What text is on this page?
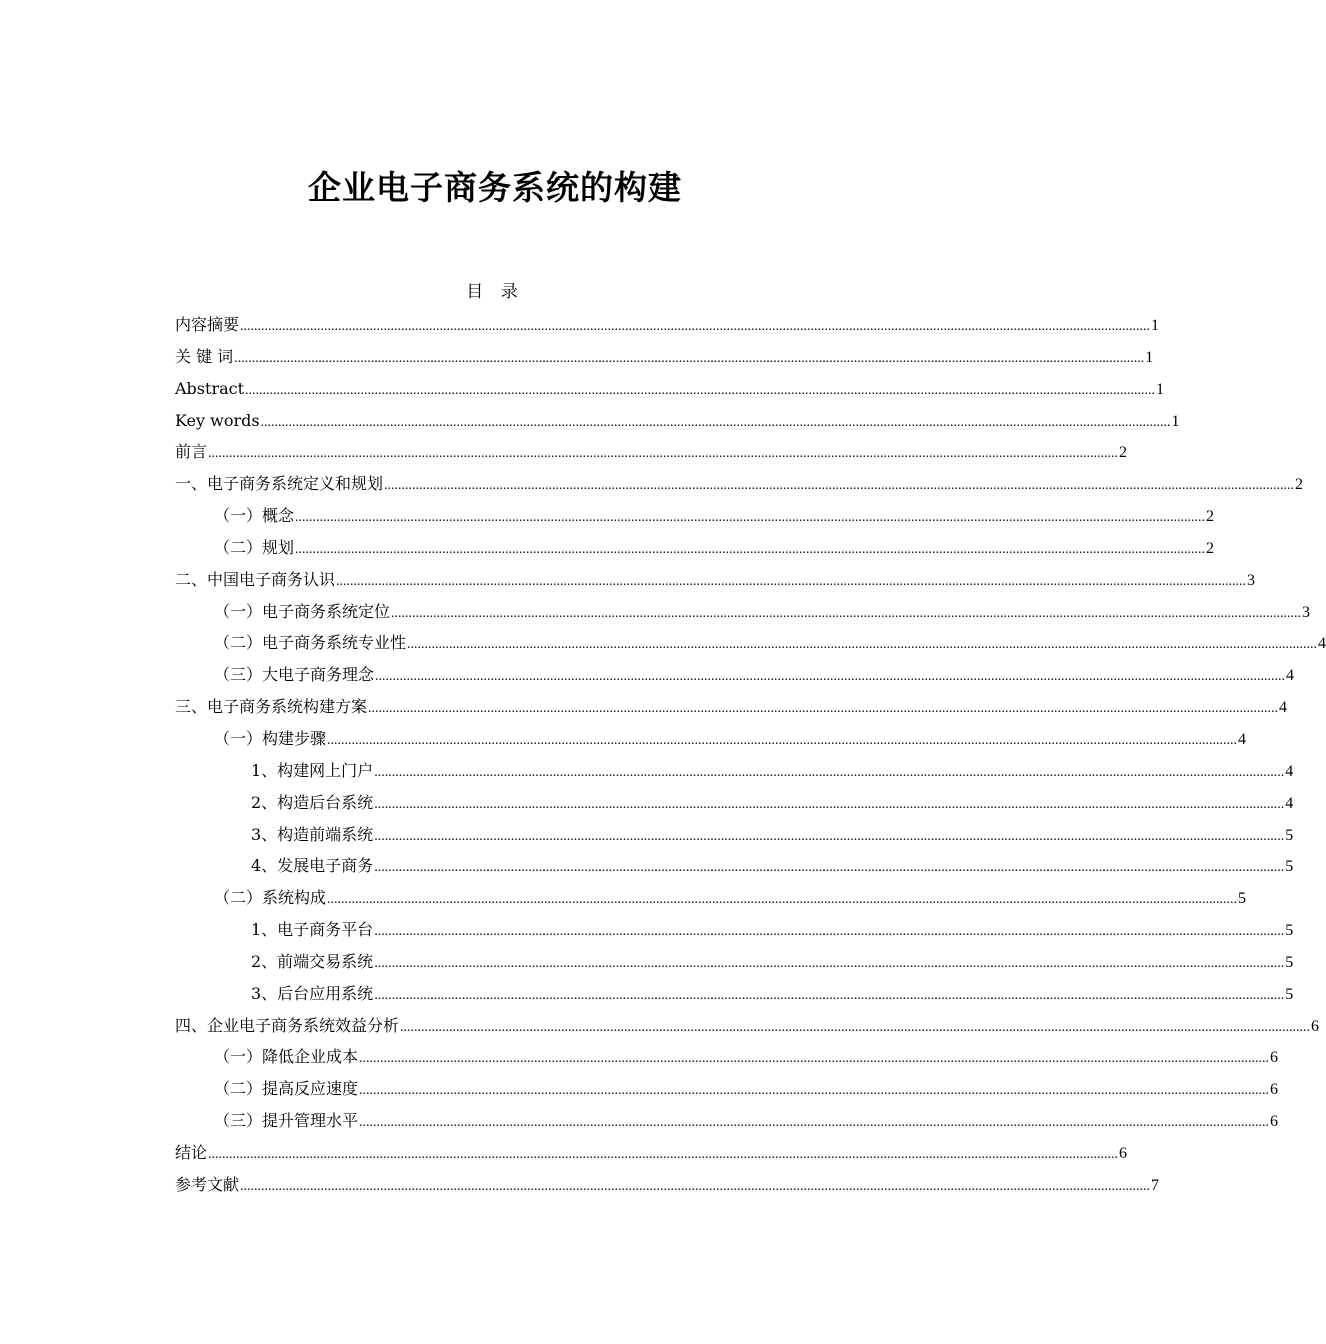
企业电子商务系统的构建
目 录
内容摘要 .................................................................................................................................................................................................................................................................... 1
关 键 词 .................................................................................................................................................................................................................................................................... 1
Abstract .................................................................................................................................................................................................................................................................... 1
Key words .................................................................................................................................................................................................................................................................... 1
前言 .................................................................................................................................................................................................................................................................... 2
一、电子商务系统定义和规划 .................................................................................................................................................................................................................................................................... 2
（一）概念 .................................................................................................................................................................................................................................................................... 2
（二）规划 .................................................................................................................................................................................................................................................................... 2
二、中国电子商务认识 .................................................................................................................................................................................................................................................................... 3
（一）电子商务系统定位 .................................................................................................................................................................................................................................................................... 3
（二）电子商务系统专业性 .................................................................................................................................................................................................................................................................... 4
（三）大电子商务理念 .................................................................................................................................................................................................................................................................... 4
三、电子商务系统构建方案 .................................................................................................................................................................................................................................................................... 4
（一）构建步骤 .................................................................................................................................................................................................................................................................... 4
1、构建网上门户 .................................................................................................................................................................................................................................................................... 4
2、构造后台系统 .................................................................................................................................................................................................................................................................... 4
3、构造前端系统 .................................................................................................................................................................................................................................................................... 5
4、发展电子商务 .................................................................................................................................................................................................................................................................... 5
（二）系统构成 .................................................................................................................................................................................................................................................................... 5
1、电子商务平台 .................................................................................................................................................................................................................................................................... 5
2、前端交易系统 .................................................................................................................................................................................................................................................................... 5
3、后台应用系统 .................................................................................................................................................................................................................................................................... 5
四、企业电子商务系统效益分析 .................................................................................................................................................................................................................................................................... 6
（一）降低企业成本 .................................................................................................................................................................................................................................................................... 6
（二）提高反应速度 .................................................................................................................................................................................................................................................................... 6
（三）提升管理水平 .................................................................................................................................................................................................................................................................... 6
结论 .................................................................................................................................................................................................................................................................... 6
参考文献 .................................................................................................................................................................................................................................................................... 7
